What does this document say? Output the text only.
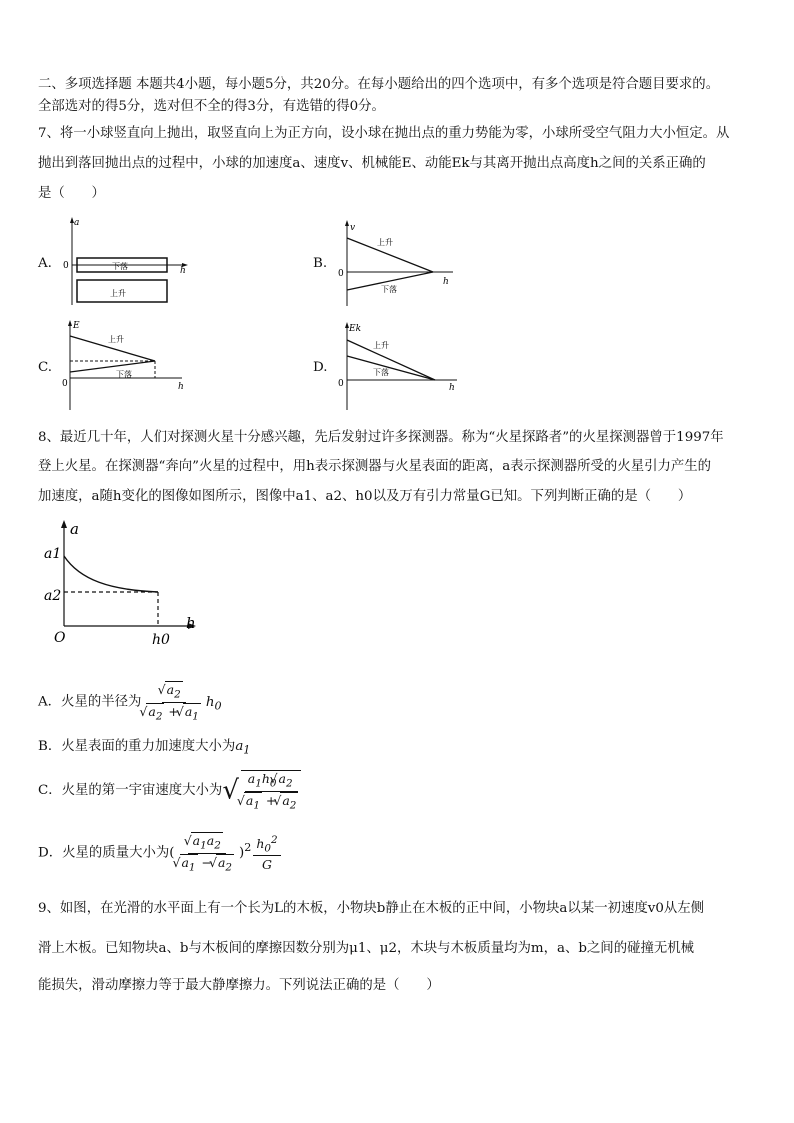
二、多项选择题 本题共4小题，每小题5分，共20分。在每小题给出的四个选项中，有多个选项是符合题目要求的。
全部选对的得5分，选对但不全的得3分，有选错的得0分。
7、将一小球竖直向上抛出，取竖直向上为正方向，设小球在抛出点的重力势能为零，小球所受空气阻力大小恒定。从
抛出到落回抛出点的过程中，小球的加速度a、速度v、机械能E、动能Ek与其离开抛出点高度h之间的关系正确的
是（　　）
A.
a
0	h
下落
上升
B.
v
0
h
上升
下落
C.
E
0	h
上升
下落	D.
Ek
0	h
上升
下落
8、最近几十年，人们对探测火星十分感兴趣，先后发射过许多探测器。称为“火星探路者”的火星探测器曾于1997年
登上火星。在探测器“奔向”火星的过程中，用h表示探测器与火星表面的距离，a表示探测器所受的火星引力产生的
加速度，a随h变化的图像如图所示，图像中a1、a2、h0以及万有引力常量G已知。下列判断正确的是（　　）
a
a1
a2
O	h0
h
A．火星的半径为
√ $a_2$
√ $a_2$ + √ $a_1$ $h_0$
B．火星表面的重力加速度大小为$a_1$
C．火星的第一宇宙速度大小为√ $a_1h_0√$ $a_2$
√ $a_1$ + √ $a_2$
D．火星的质量大小为(
√ $a_1a_2$
√ $a_1$ − √ $a_2$ )$^2 \frac{h_0^2}{G}$
9、如图，在光滑的水平面上有一个长为L的木板，小物块b静止在木板的正中间，小物块a以某一初速度v0从左侧
滑上木板。已知物块a、b与木板间的摩擦因数分别为μ1、μ2，木块与木板质量均为m，a、b之间的碰撞无机械
能损失，滑动摩擦力等于最大静摩擦力。下列说法正确的是（　　）
